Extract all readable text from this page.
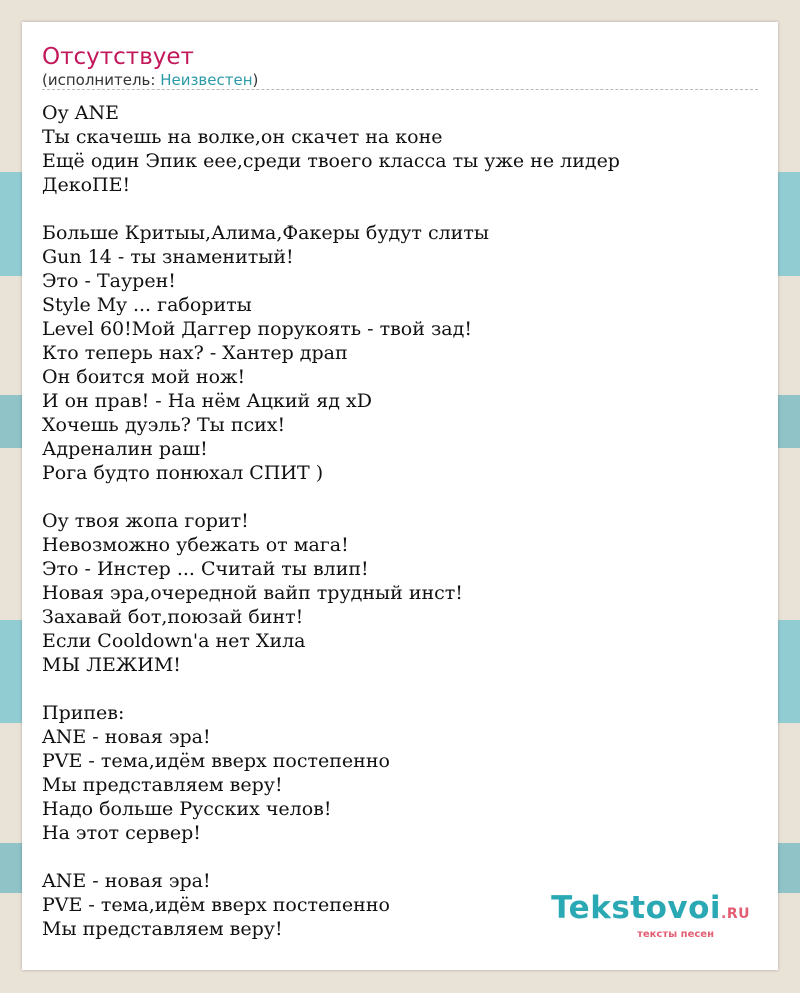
Отсутствует
(исполнитель: Неизвестен)
Оу ANE
Ты скачешь на волке,он скачет на коне
Ещё один Эпик еее,среди твоего класса ты уже не лидер
ДекоПЕ!
Больше Критыы,Алима,Факеры будут слиты
Gun 14 - ты знаменитый!
Это - Таурен!
Style My ... габориты
Level 60!Мой Даггер порукоять - твой зад!
Кто теперь нах? - Хантер драп
Он боится мой нож!
И он прав! - На нём Ацкий яд xD
Хочешь дуэль? Ты псих!
Адреналин раш!
Рога будто понюхал СПИТ )
Оу твоя жопа горит!
Невозможно убежать от мага!
Это - Инстер ... Считай ты влип!
Новая эра,очередной вайп трудный инст!
Захавай бот,поюзай бинт!
Если Cooldown'a нет Хила
МЫ ЛЕЖИМ!
Припев:
ANE - новая эра!
PVE - тема,идём вверх постепенно
Мы представляем веру!
Надо больше Русских челов!
На этот сервер!
ANE - новая эра!
PVE - тема,идём вверх постепенно
Мы представляем веру!
Tekstovoi.RU
тексты песен
